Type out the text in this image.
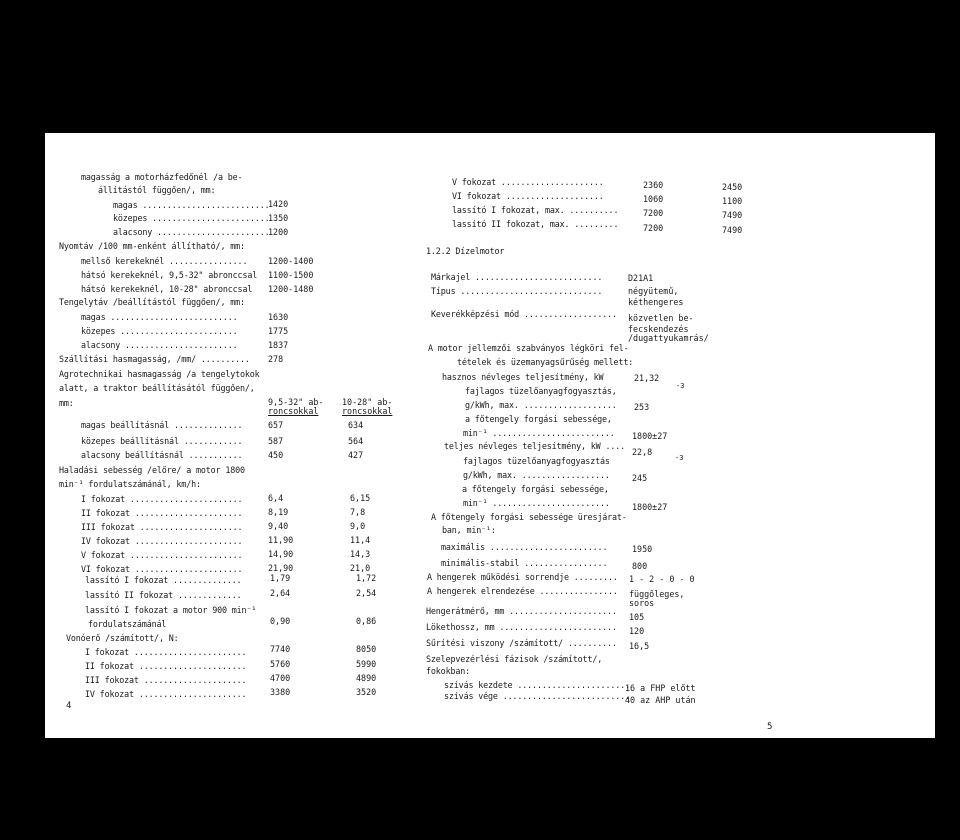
magasság a motorházfedőnél /a be-
állítástól függően/, mm:
magas ..........................
közepes ........................
alacsony .......................
Nyomtáv /100 mm-enként állítható/, mm:
mellső kerekeknél ................
hátsó kerekeknél, 9,5-32" abronccsal
hátsó kerekeknél, 10-28" abronccsal
Tengelytáv /beállítástól függően/, mm:
magas ..........................
közepes ........................
alacsony .......................
Szállítási hasmagasság, /mm/ ..........
Agrotechnikai hasmagasság /a tengelytokok
alatt, a traktor beállításától függően/,
mm:
magas beállításnál ..............
közepes beállításnál ............
alacsony beállításnál ...........
Haladási sebesség /előre/ a motor 1800
min⁻¹ fordulatszámánál, km/h:
I fokozat .......................
II fokozat ......................
III fokozat .....................
IV fokozat ......................
V fokozat .......................
VI fokozat ......................
lassító I fokozat ..............
lassító II fokozat .............
lassító I fokozat a motor 900 min⁻¹
fordulatszámánál
Vonóerő /számított/, N:
I fokozat .......................
II fokozat ......................
III fokozat .....................
IV fokozat ......................
1420
1350
1200
1200-1400
1100-1500
1200-1480
1630
1775
1837
278
9,5-32" ab-
roncsokkal
657
587
450
6,4
8,19
9,40
11,90
14,90
21,90
1,79
2,64
0,90
7740
5760
4700
3380
10-28" ab-
roncsokkal
634
564
427
6,15
7,8
9,0
11,4
14,3
21,0
1,72
2,54
0,86
8050
5990
4890
3520
4
V fokozat .....................
VI fokozat ....................
lassító I fokozat, max. ..........
lassító II fokozat, max. .........
1.2.2 Dízelmotor
Márkajel ..........................
Típus .............................
Keverékképzési mód ...................
A motor jellemzői szabványos légköri fel-
tételek és üzemanyagsűrűség mellett:
hasznos névleges teljesítmény, kW
fajlagos tüzelőanyagfogyasztás,
g/kWh, max. ...................
a főtengely forgási sebessége,
min⁻¹ .........................
teljes névleges teljesítmény, kW ....
fajlagos tüzelőanyagfogyasztás
g/kWh, max. ..................
a főtengely forgási sebessége,
min⁻¹ ........................
A főtengely forgási sebessége üresjárat-
ban, min⁻¹:
maximális ........................
minimális-stabil .................
A hengerek működési sorrendje .........
A hengerek elrendezése ................
Hengerátmérő, mm ......................
Lökethossz, mm ........................
Sűrítési viszony /számított/ ..........
Szelepvezérlési fázisok /számított/,
fokokban:
szívás kezdete .......................
szívás vége ..........................
2360
1060
7200
7200
D21A1
négyütemű,
kéthengeres
közvetlen be-
fecskendezés
/dugattyukamrás/
21,32
-3
253
1800±27
22,8
-3
245
1800±27
1950
800
1 - 2 - 0 - 0
függőleges,
soros
105
120
16,5
16 a FHP előtt
40 az AHP után
2450
1100
7490
7490
5
